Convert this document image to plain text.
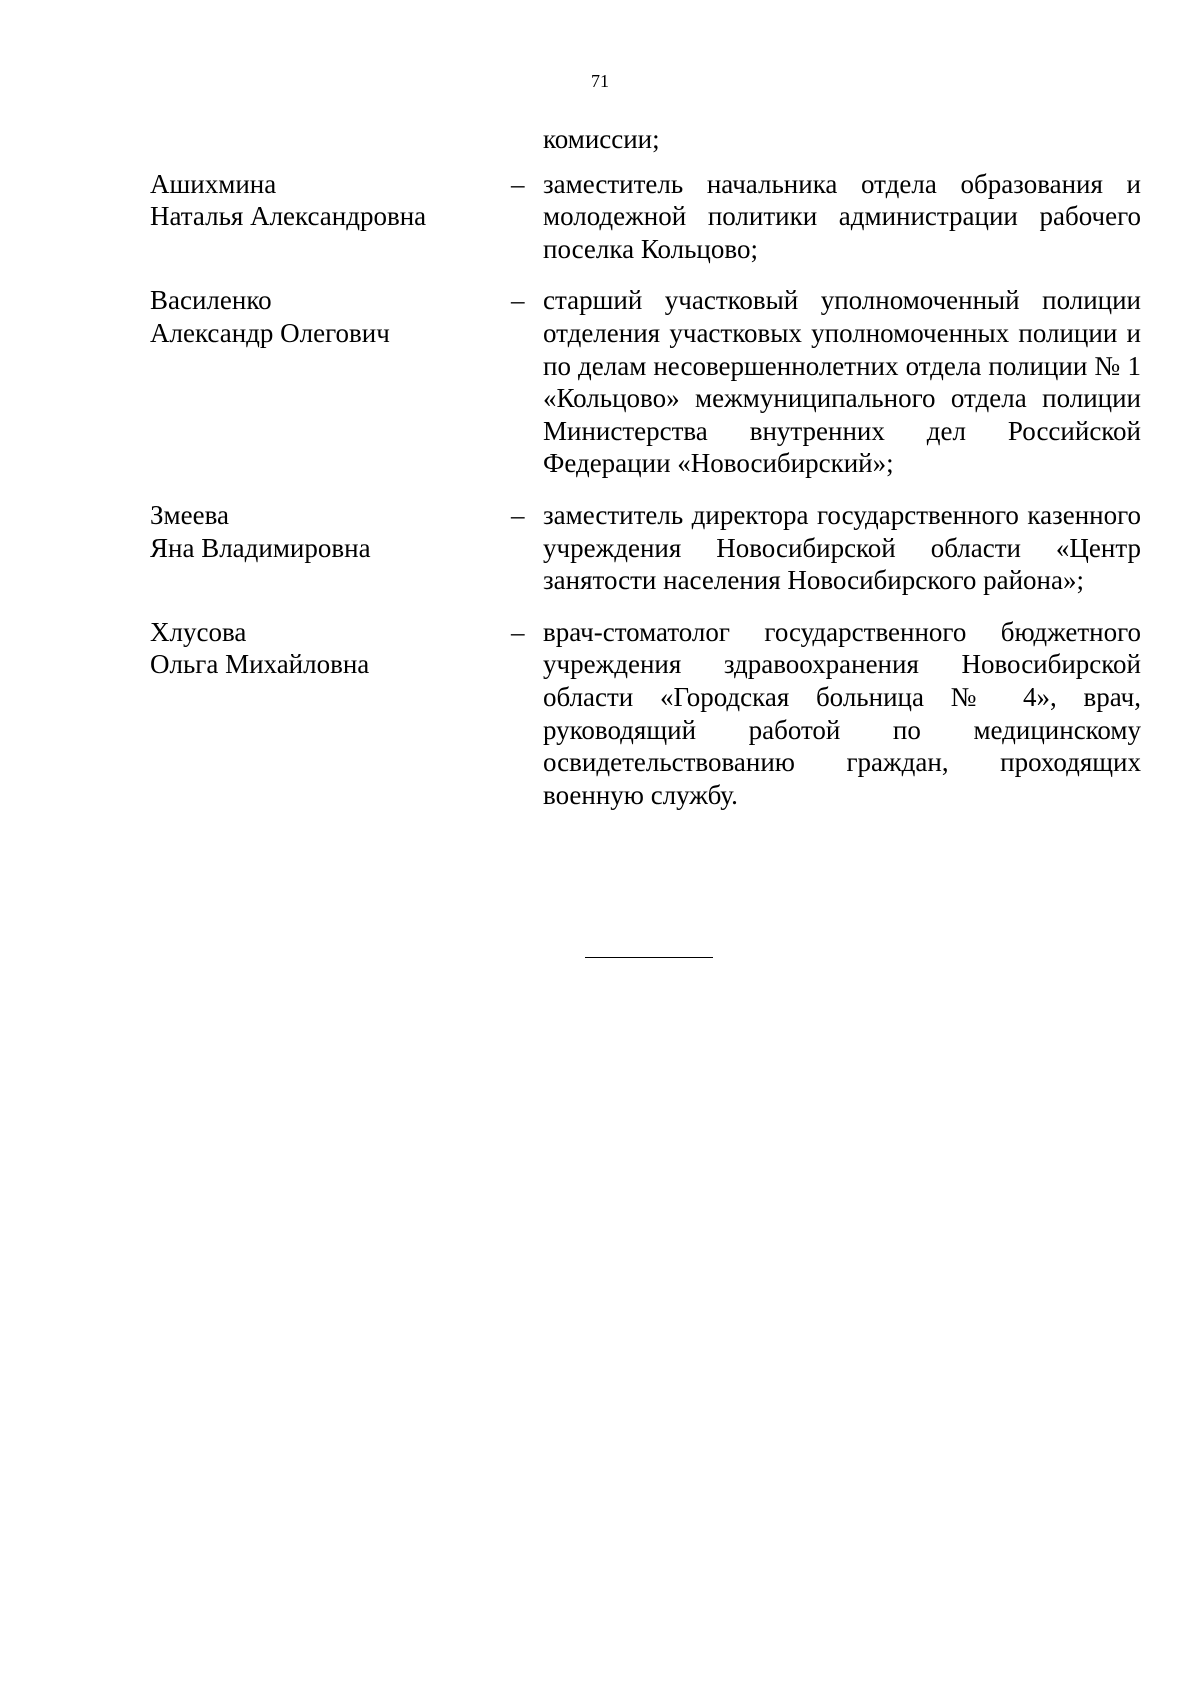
71
комиссии;
Ашихмина
Наталья Александровна
– заместитель начальника отдела образования и молодежной политики администрации рабочего поселка Кольцово;
Василенко
Александр Олегович
– старший участковый уполномоченный полиции отделения участковых уполномоченных полиции и по делам несовершеннолетних отдела полиции № 1 «Кольцово» межмуниципального отдела полиции Министерства внутренних дел Российской Федерации «Новосибирский»;
Змеева
Яна Владимировна
– заместитель директора государственного казенного учреждения Новосибирской области «Центр занятости населения Новосибирского района»;
Хлусова
Ольга Михайловна
– врач-стоматолог государственного бюджетного учреждения здравоохранения Новосибирской области «Городская больница № 4», врач, руководящий работой по медицинскому освидетельствованию граждан, проходящих военную службу.
